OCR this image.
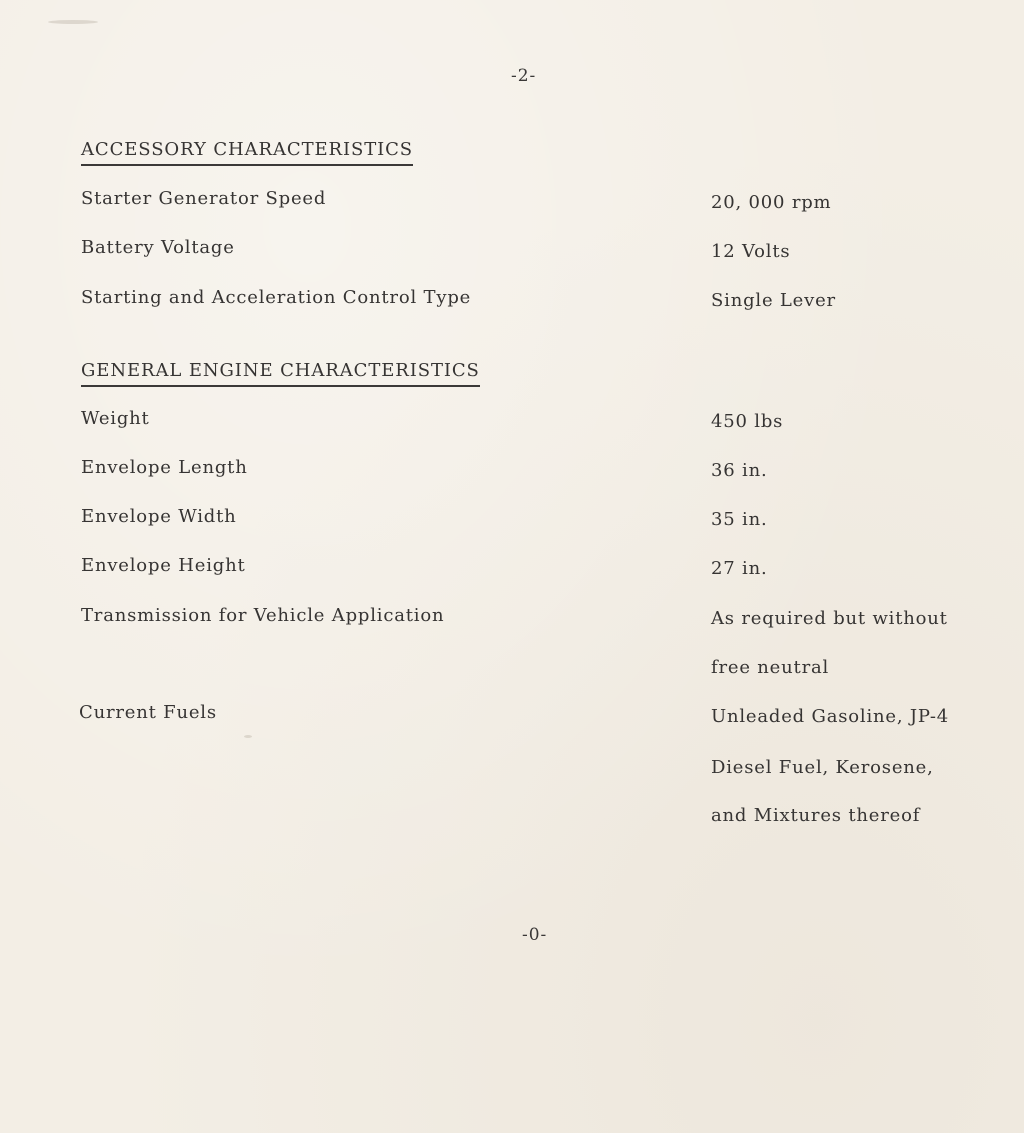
-2-
ACCESSORY CHARACTERISTICS
Starter Generator Speed	20, 000 rpm
Battery Voltage	12 Volts
Starting and Acceleration Control Type	Single Lever
GENERAL ENGINE CHARACTERISTICS
Weight	450 lbs
Envelope Length	36 in.
Envelope Width	35 in.
Envelope Height	27 in.
Transmission for Vehicle Application	As required but without
free neutral
Current Fuels	Unleaded Gasoline, JP-4
Diesel Fuel, Kerosene,
and Mixtures thereof
-0-
